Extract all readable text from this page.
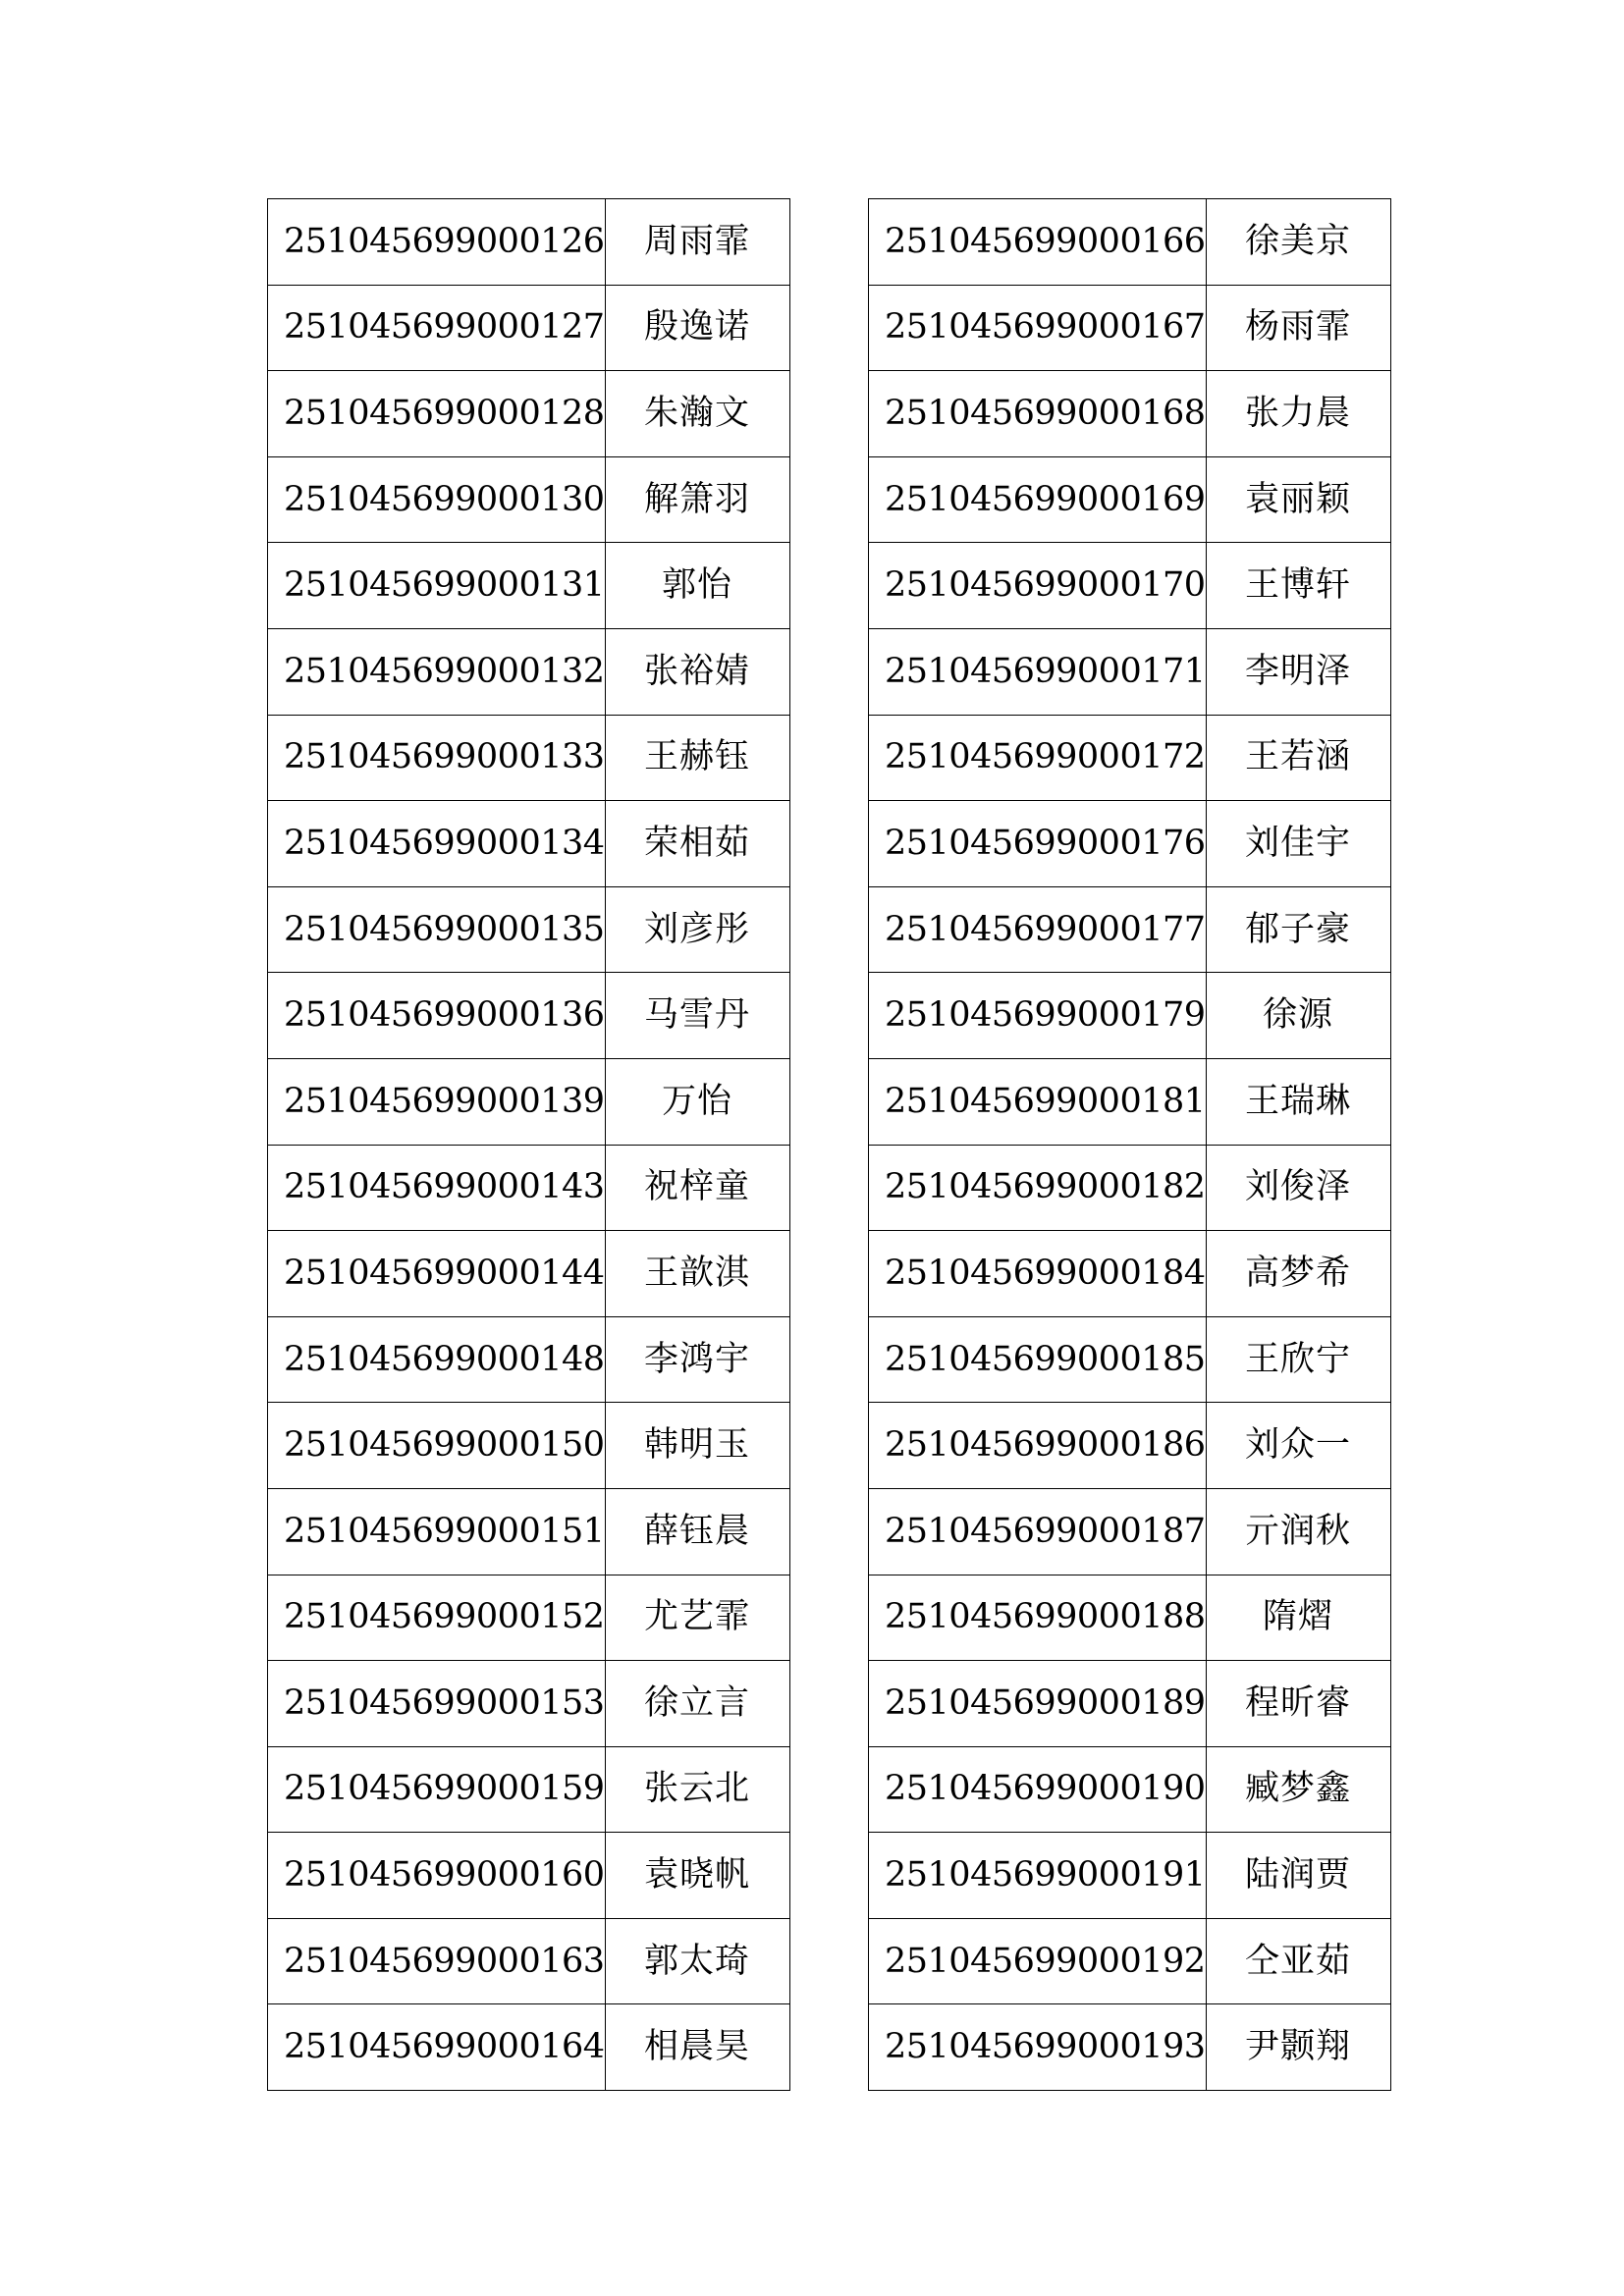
251045699000126	周雨霏
251045699000127	殷逸诺
251045699000128	朱瀚文
251045699000130	解箫羽
251045699000131	郭怡
251045699000132	张裕婧
251045699000133	王赫钰
251045699000134	荣相茹
251045699000135	刘彦彤
251045699000136	马雪丹
251045699000139	万怡
251045699000143	祝梓童
251045699000144	王歆淇
251045699000148	李鸿宇
251045699000150	韩明玉
251045699000151	薛钰晨
251045699000152	尤艺霏
251045699000153	徐立言
251045699000159	张云北
251045699000160	袁晓帆
251045699000163	郭太琦
251045699000164	相晨昊
251045699000166	徐美京
251045699000167	杨雨霏
251045699000168	张力晨
251045699000169	袁丽颖
251045699000170	王博轩
251045699000171	李明泽
251045699000172	王若涵
251045699000176	刘佳宇
251045699000177	郁子豪
251045699000179	徐源
251045699000181	王瑞琳
251045699000182	刘俊泽
251045699000184	高梦希
251045699000185	王欣宁
251045699000186	刘众一
251045699000187	亓润秋
251045699000188	隋熠
251045699000189	程昕睿
251045699000190	臧梦鑫
251045699000191	陆润贾
251045699000192	仝亚茹
251045699000193	尹颢翔
